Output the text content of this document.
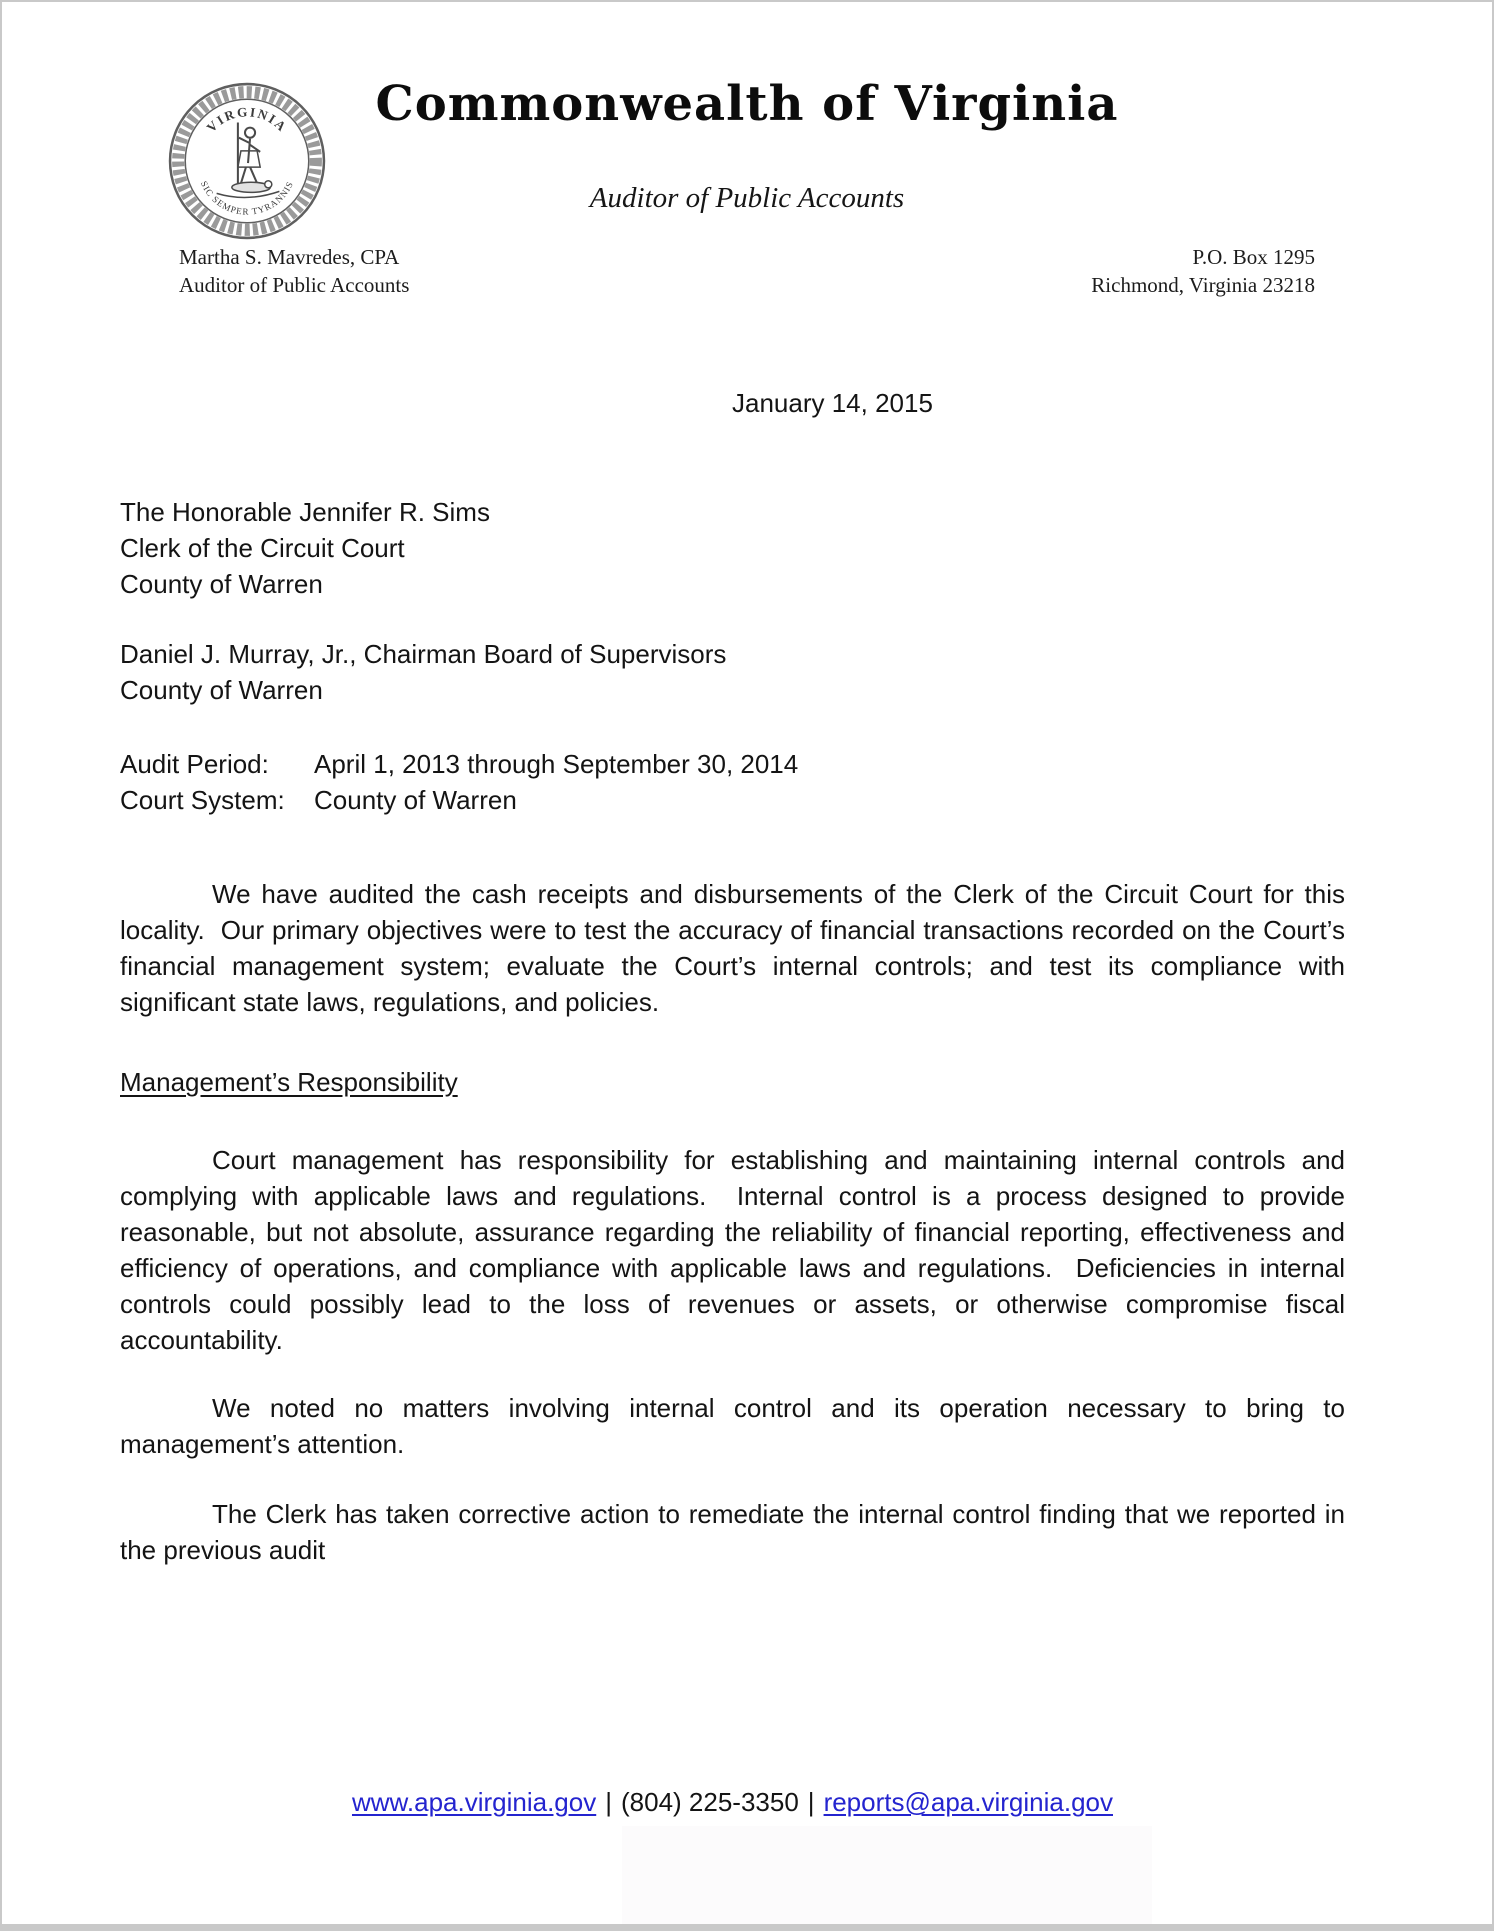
VIRGINIA
SIC SEMPER TYRANNIS
Commonwealth of Virginia
Auditor of Public Accounts
Martha S. Mavredes, CPA
Auditor of Public Accounts
P.O. Box 1295
Richmond, Virginia 23218
January 14, 2015
The Honorable Jennifer R. Sims
Clerk of the Circuit Court
County of Warren
Daniel J. Murray, Jr., Chairman Board of Supervisors
County of Warren
Audit Period: April 1, 2013 through September 30, 2014
Court System: County of Warren

We have audited the cash receipts and disbursements of the Clerk of the Circuit Court for this locality.  Our primary objectives were to test the accuracy of financial transactions recorded on the Court’s financial management system; evaluate the Court’s internal controls; and test its compliance with significant state laws, regulations, and policies.

Management’s Responsibility

Court management has responsibility for establishing and maintaining internal controls and complying with applicable laws and regulations.  Internal control is a process designed to provide reasonable, but not absolute, assurance regarding the reliability of financial reporting, effectiveness and efficiency of operations, and compliance with applicable laws and regulations.  Deficiencies in internal controls could possibly lead to the loss of revenues or assets, or otherwise compromise fiscal accountability.

We noted no matters involving internal control and its operation necessary to bring to management’s attention.

The Clerk has taken corrective action to remediate the internal control finding that we reported in the previous audit

www.apa.virginia.gov | (804) 225-3350 | reports@apa.virginia.gov
